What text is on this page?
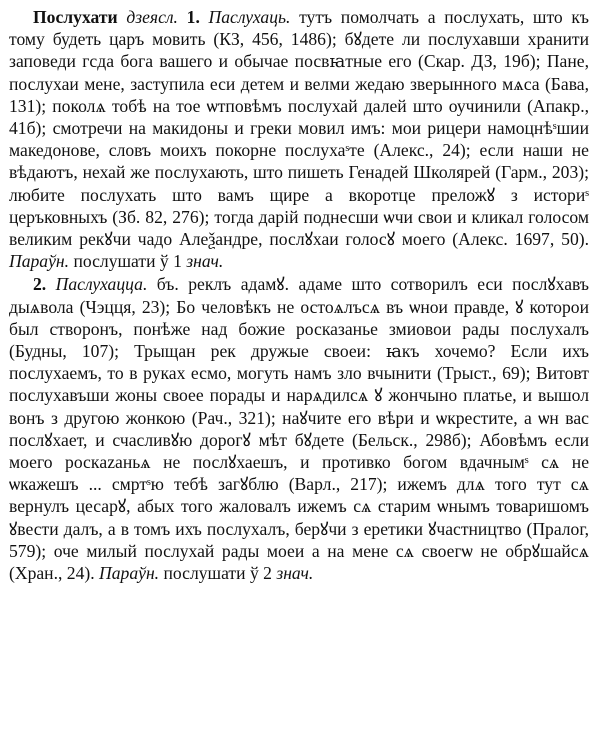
Послухати дзеясл. 1. Паслухаць. тутъ помолчать а послухать, што къ тому будеть царъ мовить (КЗ, 456, 1486); бꙋдете ли послухавши хранити заповеди гсда бога вашего и обычае посвꙗтные его (Скар. ДЗ, 19б); Пане, послухаи мене, заступила еси детем и велми жедаю зверынного мѧса (Бава, 131); поколѧ тобѣ на тое ѡтповѣмъ послухай далей што оучинили (Апакр., 41б); смотречи на макидоны и греки мовил имъ: мои рицери намоцнѣˢшии македонове, словъ моихъ покорне послухаˢте (Алекс., 24); если наши не вѣдаютъ, нехай же послухають, што пишеть Генадей Школярей (Гарм., 203); любите послухать што вамъ щире а вкоротце преложꙋ з историˢ церъковныхъ (Зб. 82, 276); тогда дарій поднесши ѡчи свои и кликал голосом великим рекꙋчи чадо Алеѯандре, послꙋхаи голосꙋ моего (Алекс. 1697, 50). Параўн. послушати ў 1 знач.

2. Паслухацца. бъ. реклъ адамꙋ. адаме што сотворилъ еси послꙋхавъ дыѧвола (Чэцця, 23); Бо человѣкъ не остоѧлъсѧ въ ѡнои правде, ꙋ которои был створонъ, понѣже над божие росказанье змиовои рады послухалъ (Будны, 107); Трыщан рек дружые своеи: ꙗкъ хочемо? Если ихъ послухаемъ, то в руках есмо, могуть намъ зло вчынити (Трыст., 69); Витовт послухавъши жоны своее порады и нарѧдилсѧ ꙋ жончыно платье, и вышол вонъ з другою жонкою (Рач., 321); наꙋчите его вѣри и ѡкрестите, а ѡн вас послꙋхает, и счасливꙋю дорогꙋ мѣт бꙋдете (Бельск., 298б); Абовѣмъ если моего роскazаньѧ не послꙋхаешъ, и противко богом вдачнымˢ сѧ не ѡкажешъ ... смртˢю тебѣ загꙋблю (Варл., 217); ижемъ длѧ того тут сѧ вернулъ цесарꙋ, абых того жаловалъ ижемъ сѧ старим ѡнымъ товаришомъ ꙋвести далъ, а в томъ ихъ послухалъ, берꙋчи з еретики ꙋчастництво (Пралог, 579); оче милый послухай рады моеи а на мене сѧ своегѡ не обрꙋшайсѧ (Хран., 24). Параўн. послушати ў 2 знач.
